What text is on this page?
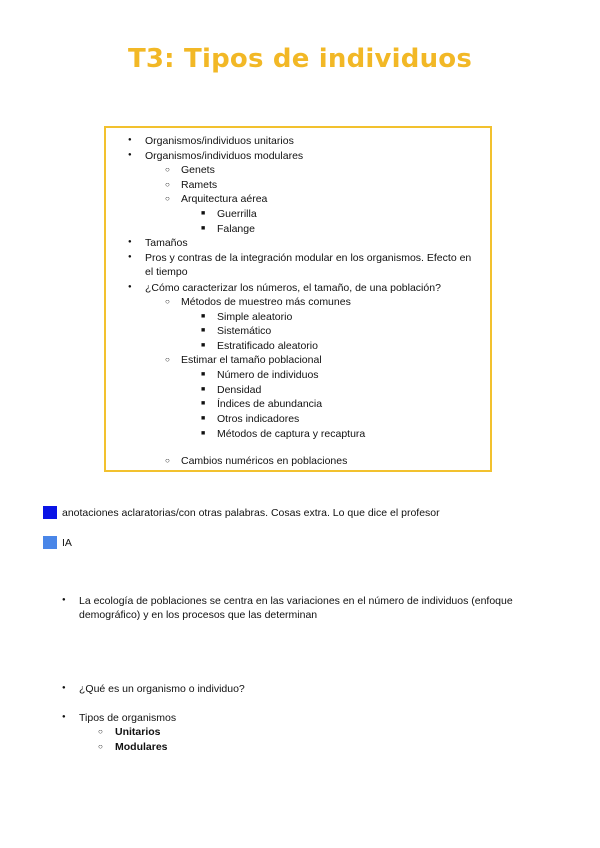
T3: Tipos de individuos
●
Organismos/individuos unitarios
●
Organismos/individuos modulares
○
Genets
○
Ramets
○
Arquitectura aérea
■
Guerrilla
■
Falange
●
Tamaños
●
Pros y contras de la integración modular en los organismos. Efecto en el tiempo
●
¿Cómo caracterizar los números, el tamaño, de una población?
○
Métodos de muestreo más comunes
■
Simple aleatorio
■
Sistemático
■
Estratificado aleatorio
○
Estimar el tamaño poblacional
■
Número de individuos
■
Densidad
■
Índices de abundancia
■
Otros indicadores
■
Métodos de captura y recaptura
○
Cambios numéricos en poblaciones
anotaciones aclaratorias/con otras palabras. Cosas extra. Lo que dice el profesor
IA
●
La ecología de poblaciones se centra en las variaciones en el número de individuos (enfoque demográfico) y en los procesos que las determinan
●
¿Qué es un organismo o individuo?
●
Tipos de organismos
○
Unitarios
○
Modulares
